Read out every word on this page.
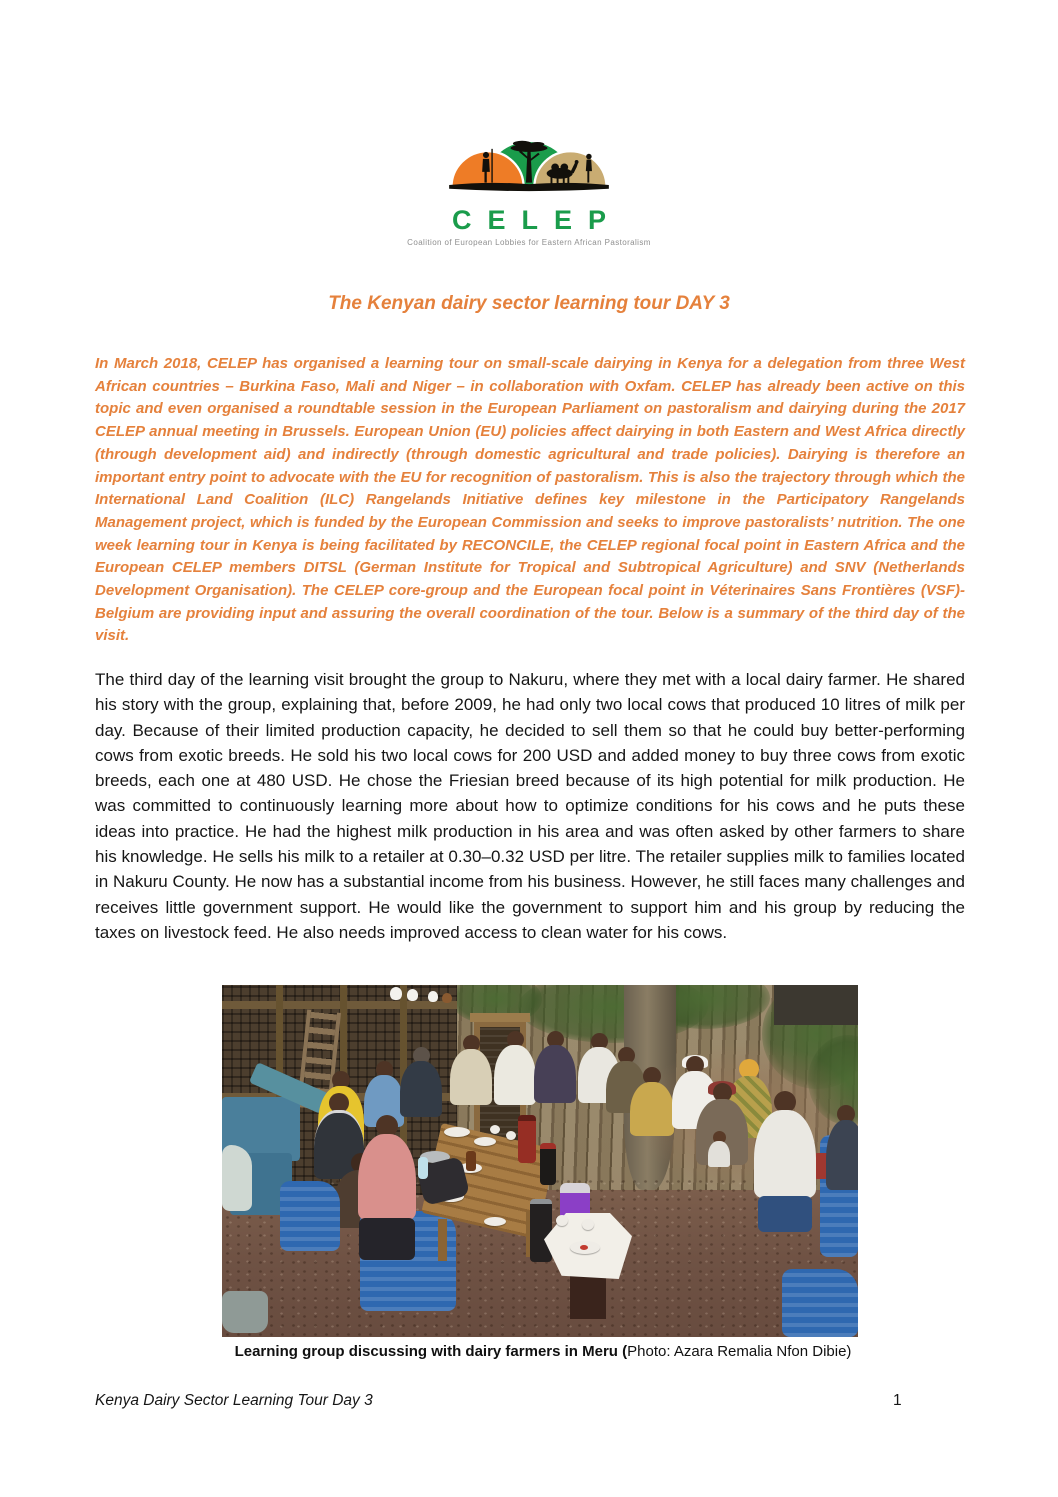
CELEP
Coalition of European Lobbies for Eastern African Pastoralism
The Kenyan dairy sector learning tour DAY 3
In March 2018, CELEP has organised a learning tour on small-scale dairying in Kenya for a delegation from three West African countries – Burkina Faso, Mali and Niger – in collaboration with Oxfam. CELEP has already been active on this topic and even organised a roundtable session in the European Parliament on pastoralism and dairying during the 2017 CELEP annual meeting in Brussels. European Union (EU) policies affect dairying in both Eastern and West Africa directly (through development aid) and indirectly (through domestic agricultural and trade policies). Dairying is therefore an important entry point to advocate with the EU for recognition of pastoralism. This is also the trajectory through which the International Land Coalition (ILC) Rangelands Initiative defines key milestone in the Participatory Rangelands Management project, which is funded by the European Commission and seeks to improve pastoralists’ nutrition. The one week learning tour in Kenya is being facilitated by RECONCILE, the CELEP regional focal point in Eastern Africa and the European CELEP members DITSL (German Institute for Tropical and Subtropical Agriculture) and SNV (Netherlands Development Organisation). The CELEP core-group and the European focal point in Véterinaires Sans Frontières (VSF)-Belgium are providing input and assuring the overall coordination of the tour. Below is a summary of the third day of the visit.
The third day of the learning visit brought the group to Nakuru, where they met with a local dairy farmer. He shared his story with the group, explaining that, before 2009, he had only two local cows that produced 10 litres of milk per day. Because of their limited production capacity, he decided to sell them so that he could buy better-performing cows from exotic breeds. He sold his two local cows for 200 USD and added money to buy three cows from exotic breeds, each one at 480 USD. He chose the Friesian breed because of its high potential for milk production. He was committed to continuously learning more about how to optimize conditions for his cows and he puts these ideas into practice. He had the highest milk production in his area and was often asked by other farmers to share his knowledge. He sells his milk to a retailer at 0.30–0.32 USD per litre. The retailer supplies milk to families located in Nakuru County. He now has a substantial income from his business. However, he still faces many challenges and receives little government support. He would like the government to support him and his group by reducing the taxes on livestock feed. He also needs improved access to clean water for his cows.
Learning group discussing with dairy farmers in Meru (Photo: Azara Remalia Nfon Dibie)
Kenya Dairy Sector Learning Tour Day 3	1
